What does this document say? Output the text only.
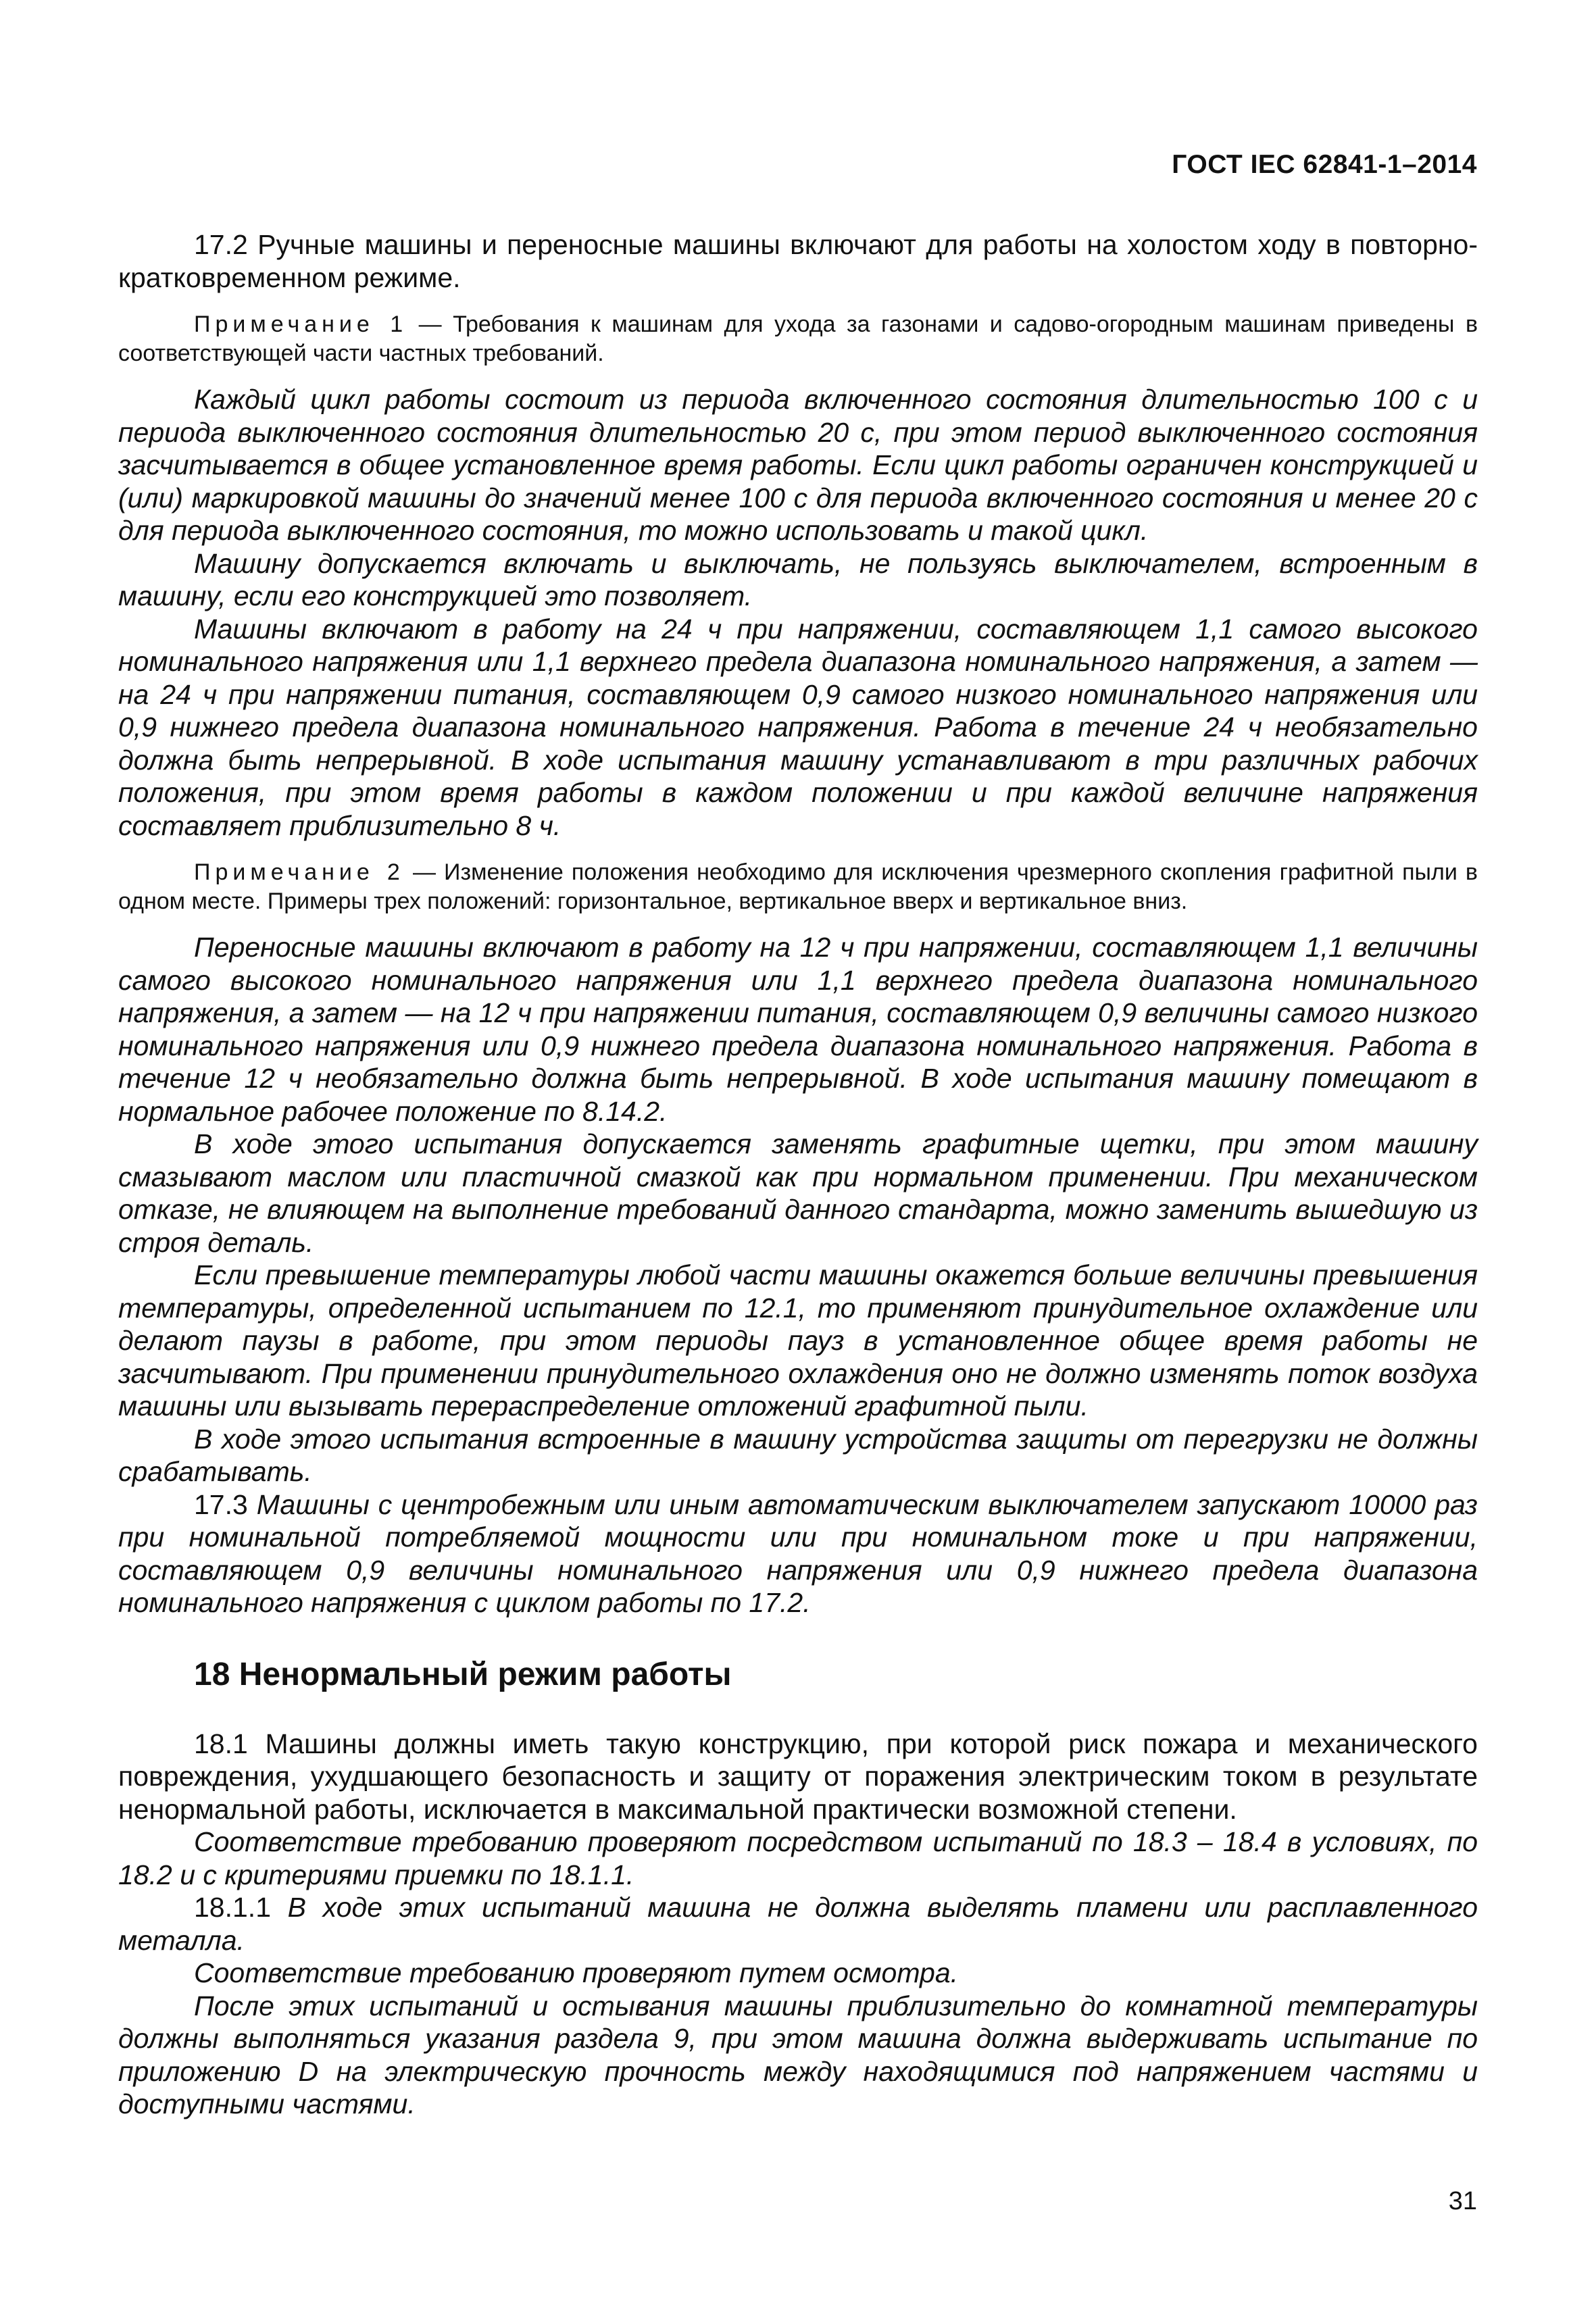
ГОСТ IEC 62841-1–2014

17.2 Ручные машины и переносные машины включают для работы на холостом ходу в повторно-кратковременном режиме.

Примечание 1 — Требования к машинам для ухода за газонами и садово-огородным машинам приведены в соответствующей части частных требований.

Каждый цикл работы состоит из периода включенного состояния длительностью 100 с и периода выключенного состояния длительностью 20 с, при этом период выключенного состояния засчитывается в общее установленное время работы. Если цикл работы ограничен конструкцией и (или) маркировкой машины до значений менее 100 с для периода включенного состояния и менее 20 с для периода выключенного состояния, то можно использовать и такой цикл.

Машину допускается включать и выключать, не пользуясь выключателем, встроенным в машину, если его конструкцией это позволяет.

Машины включают в работу на 24 ч при напряжении, составляющем 1,1 самого высокого номинального напряжения или 1,1 верхнего предела диапазона номинального напряжения, а затем — на 24 ч при напряжении питания, составляющем 0,9 самого низкого номинального напряжения или 0,9 нижнего предела диапазона номинального напряжения. Работа в течение 24 ч необязательно должна быть непрерывной. В ходе испытания машину устанавливают в три различных рабочих положения, при этом время работы в каждом положении и при каждой величине напряжения составляет приблизительно 8 ч.

Примечание 2 — Изменение положения необходимо для исключения чрезмерного скопления графитной пыли в одном месте. Примеры трех положений: горизонтальное, вертикальное вверх и вертикальное вниз.

Переносные машины включают в работу на 12 ч при напряжении, составляющем 1,1 величины самого высокого номинального напряжения или 1,1 верхнего предела диапазона номинального напряжения, а затем — на 12 ч при напряжении питания, составляющем 0,9 величины самого низкого номинального напряжения или 0,9 нижнего предела диапазона номинального напряжения. Работа в течение 12 ч необязательно должна быть непрерывной. В ходе испытания машину помещают в нормальное рабочее положение по 8.14.2.

В ходе этого испытания допускается заменять графитные щетки, при этом машину смазывают маслом или пластичной смазкой как при нормальном применении. При механическом отказе, не влияющем на выполнение требований данного стандарта, можно заменить вышедшую из строя деталь.

Если превышение температуры любой части машины окажется больше величины превышения температуры, определенной испытанием по 12.1, то применяют принудительное охлаждение или делают паузы в работе, при этом периоды пауз в установленное общее время работы не засчитывают. При применении принудительного охлаждения оно не должно изменять поток воздуха машины или вызывать перераспределение отложений графитной пыли.

В ходе этого испытания встроенные в машину устройства защиты от перегрузки не должны срабатывать.

17.3 Машины с центробежным или иным автоматическим выключателем запускают 10000 раз при номинальной потребляемой мощности или при номинальном токе и при напряжении, составляющем 0,9 величины номинального напряжения или 0,9 нижнего предела диапазона номинального напряжения с циклом работы по 17.2.

18 Ненормальный режим работы

18.1 Машины должны иметь такую конструкцию, при которой риск пожара и механического повреждения, ухудшающего безопасность и защиту от поражения электрическим током в результате ненормальной работы, исключается в максимальной практически возможной степени.

Соответствие требованию проверяют посредством испытаний по 18.3 – 18.4 в условиях, по 18.2 и с критериями приемки по 18.1.1.

18.1.1 В ходе этих испытаний машина не должна выделять пламени или расплавленного металла.

Соответствие требованию проверяют путем осмотра.

После этих испытаний и остывания машины приблизительно до комнатной температуры должны выполняться указания раздела 9, при этом машина должна выдерживать испытание по приложению D на электрическую прочность между находящимися под напряжением частями и доступными частями.

31
